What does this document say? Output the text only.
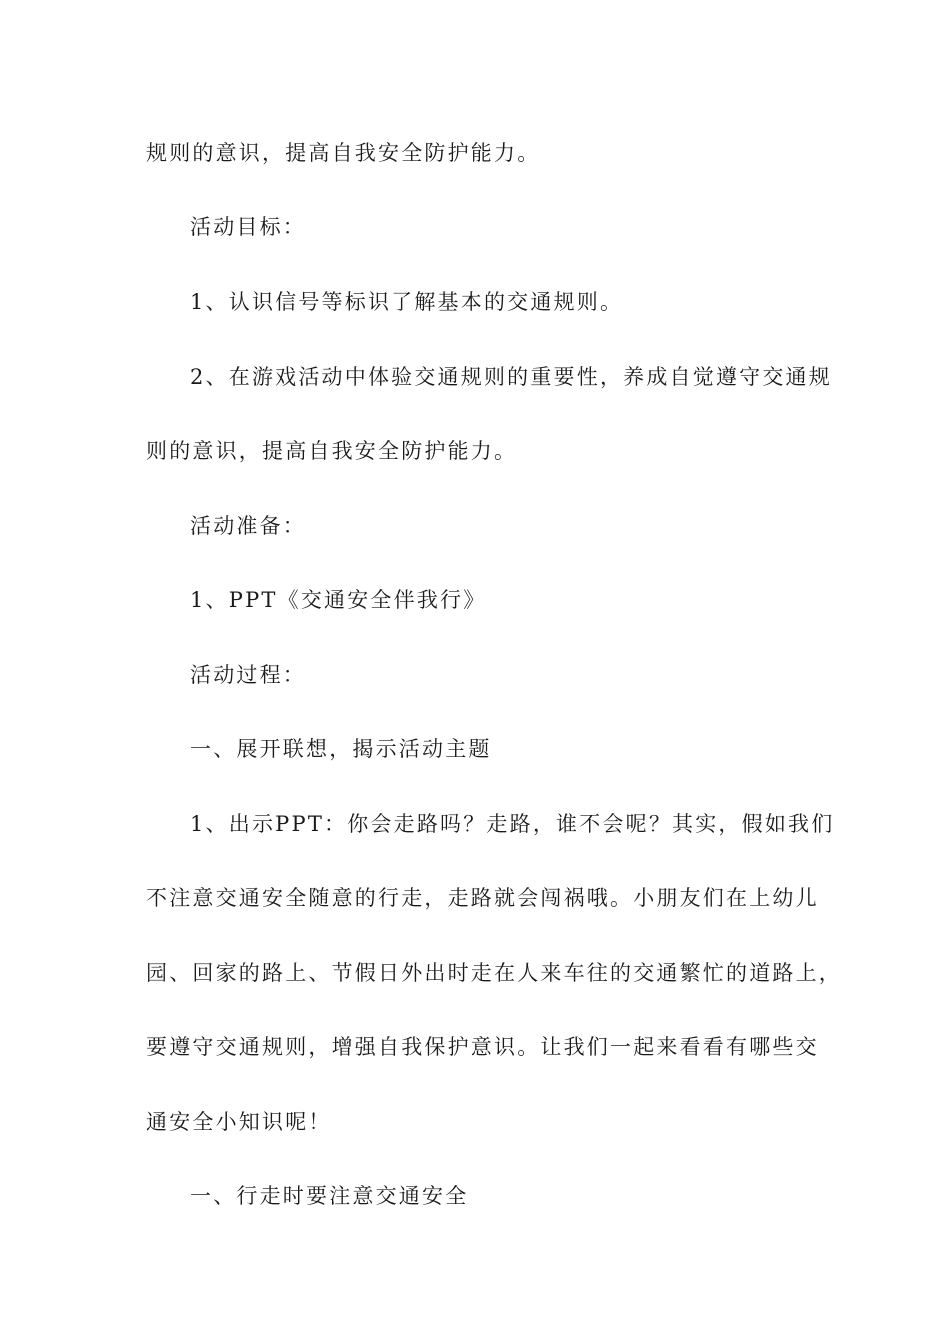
规则的意识，提高自我安全防护能力。
活动目标：
1、认识信号等标识了解基本的交通规则。
2、在游戏活动中体验交通规则的重要性，养成自觉遵守交通规
则的意识，提高自我安全防护能力。
活动准备：
1、PPT《交通安全伴我行》
活动过程：
一、展开联想，揭示活动主题
1、出示PPT：你会走路吗？走路，谁不会呢？其实，假如我们
不注意交通安全随意的行走，走路就会闯祸哦。小朋友们在上幼儿
园、回家的路上、节假日外出时走在人来车往的交通繁忙的道路上，
要遵守交通规则，增强自我保护意识。让我们一起来看看有哪些交
通安全小知识呢！
一、行走时要注意交通安全
